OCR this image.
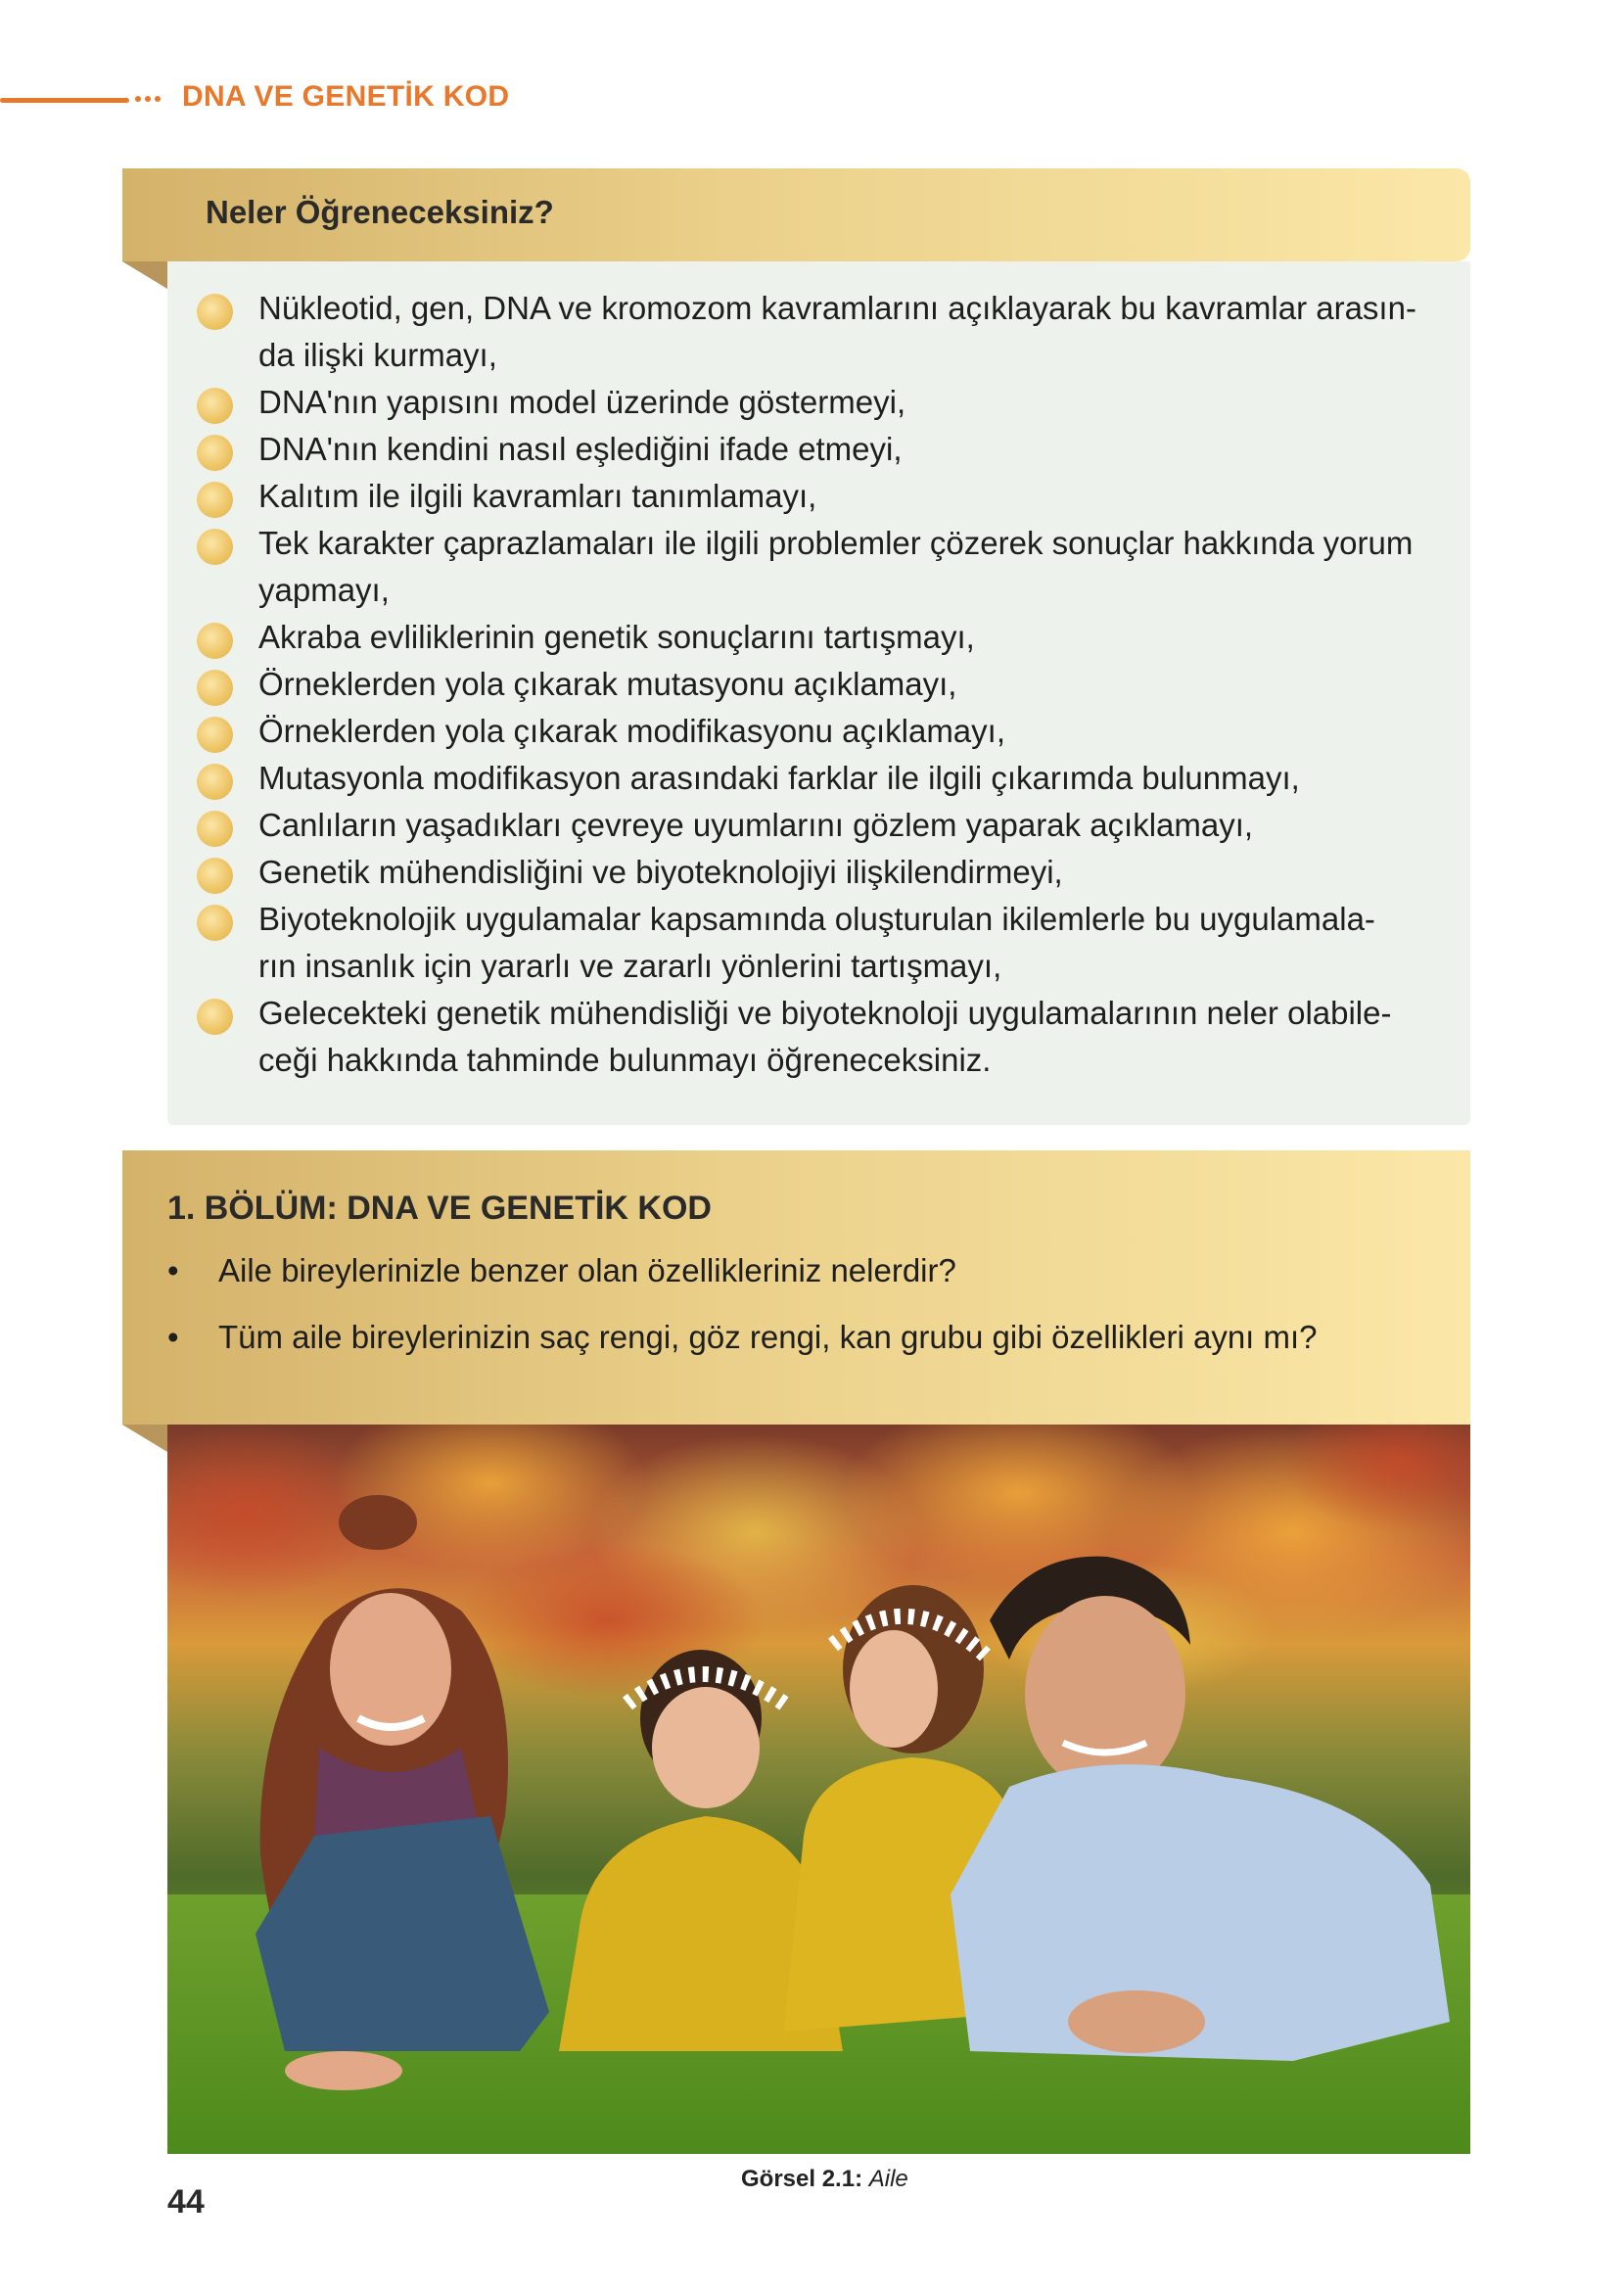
DNA VE GENETİK KOD
Neler Öğreneceksiniz?
Nükleotid, gen, DNA ve kromozom kavramlarını açıklayarak bu kavramlar arasın-
da ilişki kurmayı,
DNA'nın yapısını model üzerinde göstermeyi,
DNA'nın kendini nasıl eşlediğini ifade etmeyi,
Kalıtım ile ilgili kavramları tanımlamayı,
Tek karakter çaprazlamaları ile ilgili problemler çözerek sonuçlar hakkında yorum
yapmayı,
Akraba evliliklerinin genetik sonuçlarını tartışmayı,
Örneklerden yola çıkarak mutasyonu açıklamayı,
Örneklerden yola çıkarak modifikasyonu açıklamayı,
Mutasyonla modifikasyon arasındaki farklar ile ilgili çıkarımda bulunmayı,
Canlıların yaşadıkları çevreye uyumlarını gözlem yaparak açıklamayı,
Genetik mühendisliğini ve biyoteknolojiyi ilişkilendirmeyi,
Biyoteknolojik uygulamalar kapsamında oluşturulan ikilemlerle bu uygulamala-
rın insanlık için yararlı ve zararlı yönlerini tartışmayı,
Gelecekteki genetik mühendisliği ve biyoteknoloji uygulamalarının neler olabile-
ceği hakkında tahminde bulunmayı öğreneceksiniz.
1. BÖLÜM: DNA VE GENETİK KOD
• Aile bireylerinizle benzer olan özellikleriniz nelerdir?
• Tüm aile bireylerinizin saç rengi, göz rengi, kan grubu gibi özellikleri aynı mı?
Görsel 2.1: Aile
44
